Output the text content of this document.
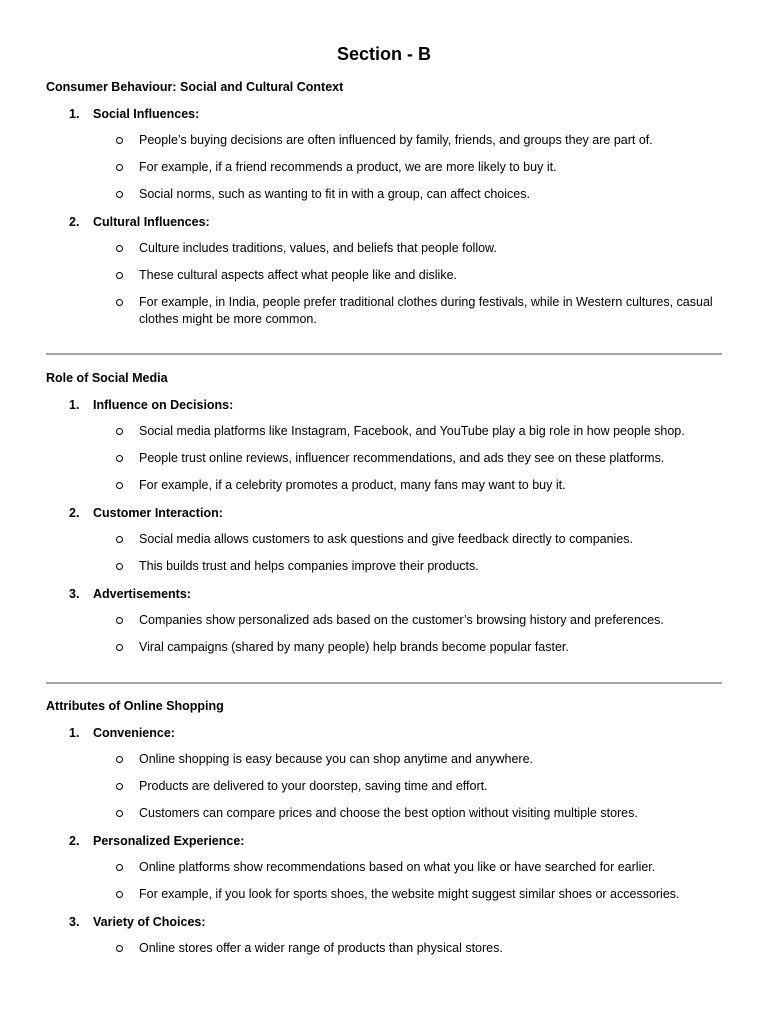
Section - B
Consumer Behaviour: Social and Cultural Context
1. Social Influences:
People’s buying decisions are often influenced by family, friends, and groups they are part of.
For example, if a friend recommends a product, we are more likely to buy it.
Social norms, such as wanting to fit in with a group, can affect choices.
2. Cultural Influences:
Culture includes traditions, values, and beliefs that people follow.
These cultural aspects affect what people like and dislike.
For example, in India, people prefer traditional clothes during festivals, while in Western cultures, casual clothes might be more common.
Role of Social Media
1. Influence on Decisions:
Social media platforms like Instagram, Facebook, and YouTube play a big role in how people shop.
People trust online reviews, influencer recommendations, and ads they see on these platforms.
For example, if a celebrity promotes a product, many fans may want to buy it.
2. Customer Interaction:
Social media allows customers to ask questions and give feedback directly to companies.
This builds trust and helps companies improve their products.
3. Advertisements:
Companies show personalized ads based on the customer’s browsing history and preferences.
Viral campaigns (shared by many people) help brands become popular faster.
Attributes of Online Shopping
1. Convenience:
Online shopping is easy because you can shop anytime and anywhere.
Products are delivered to your doorstep, saving time and effort.
Customers can compare prices and choose the best option without visiting multiple stores.
2. Personalized Experience:
Online platforms show recommendations based on what you like or have searched for earlier.
For example, if you look for sports shoes, the website might suggest similar shoes or accessories.
3. Variety of Choices:
Online stores offer a wider range of products than physical stores.
